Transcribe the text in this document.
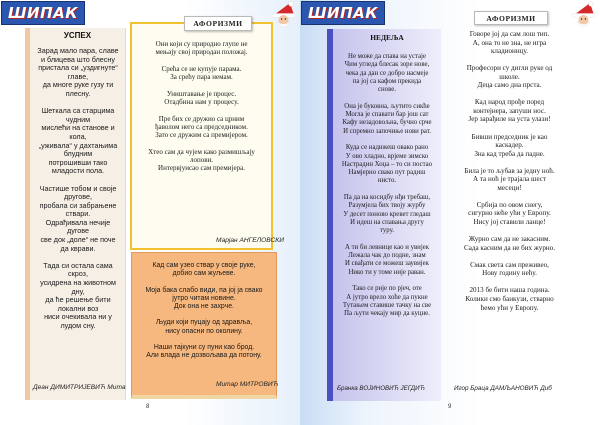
ШИПАК
УСПЕХ
Зарад мало пара, славе
и блицева што блесну
пристала си „уздигнуте“
главе,
да многе руке гузу ти
плесну.

Шеткала са старцима
чудним
мислећи на станове и
кола,
„уживала“ у дахтањима
блудним
потрошивши тако
младости пола.

Частише тобом и своје
другове,
пробала си забрањене
ствари.
Одрађивала нечије
дугове
све док „доле“ не поче
да кврави.

Тада си остала сама
скроз,
усидрена на животном
дну,
да ће решење бити
локални воз
ниси очекивала ни у
лудом сну.
Деан ДИМИТРИЈЕВИЋ Мита
Они који су природно глупе не
мењају свој природан положај.

Срећа се не купује парама.
За срећу пара немам.

Уништавање је процес.
Отадбина нам у процесу.

Пре бих се дружио са црним
ђаволом него са председником.
Зато се дружим са премијером.

Хтео сам да чујем како размишљају
лопови.
Интервјуисао сам премијера.
Марјан АНГЕЛОВСКИ
АФОРИЗМИ
Кад сам узео ствар у своје руке,
добио сам жуљеве.

Моја бака слабо види, па јој ја свако
јутро читам новине.
Док она не захрче.

Људи који пуцају од здравља,
нису опасни по околину.

Наши тајкуни су пуни као брод.
Али влада не дозвољава да потону.
Митар МИТРОВИЋ
8
ШИПАК
НЕДЕЉА
Не може да спава на устаје
Чим угледа блесак зоре нове,
чека да дан се добро насмеје
па јој са кафом прекида
снове.

Она је буковна, љутито сикће
Могла је спавати бар још сат
Кафу незадовољна, бучно срче
И спремно започиње нови рат.

Куда се надижеш овако рано
У ово хладно, врјеме зимско
Настрадин Хоџа – то си постао
Намјерно свако пут радиш
нисто.

Па да на косидбу нђи требаш,
Разумјела бих твоју журбу
У десет поново кревет гледаш
И идеш на спавања другу
туру.

А ти би левнице као и увијек
Лежала чак до подне, знам
И свађати се можеш заувијек
Нико ти у томе није раван.

Тако се рије по рјеч, оте
А јутро врело хоће да пукне
Тутањем ставише тачку на све
Па љути чекају мир да куцне.
Бранка ВОЈИНОВИЋ ЈЕГДИЋ
Говоре јој да сам лош тип.
А, она то не зна, не игра
кладионицу.

Професори су дигли руке од
школе.
Деца само дна прста.

Кад народ прође поред
контејнера, запуши нос.
Јер зарађиле на уста улази!

Бивши председник је као
каскадер.
Зна кад треба да падне.

Била је то љубав за једну ноћ.
А та ноћ је трајала шест
месеци!

Србија по овом снегу,
сигурно неће ући у Европу.
Нису јој ставили ланце!

Журно сам да не закасним.
Сада касним да не бих журно.

Смак света сам преживео,
Нову годину нећу.

2013 бе бити наша година.
Колики смо банкузи, стварно
ћемо ући у Европу.
Игор Браца ДАМЉАНОВИЋ Диб
АФОРИЗМИ
9
